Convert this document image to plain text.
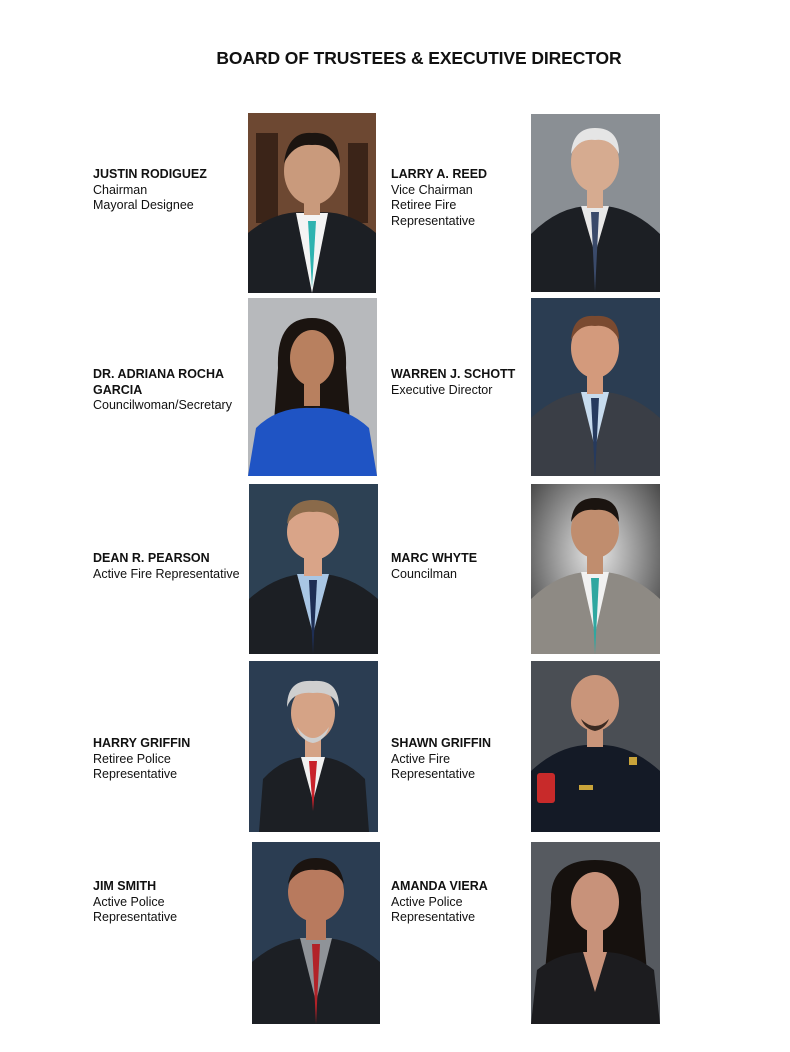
BOARD OF TRUSTEES & EXECUTIVE DIRECTOR
JUSTIN RODIGUEZ
Chairman
Mayoral Designee
LARRY A. REED
Vice Chairman
Retiree Fire
Representative
DR. ADRIANA ROCHA
GARCIA
Councilwoman/Secretary
WARREN J. SCHOTT
Executive Director
DEAN R. PEARSON
Active Fire Representative
MARC WHYTE
Councilman
HARRY GRIFFIN
Retiree Police
Representative
SHAWN GRIFFIN
Active Fire
Representative
JIM SMITH
Active Police
Representative
AMANDA VIERA
Active Police
Representative
